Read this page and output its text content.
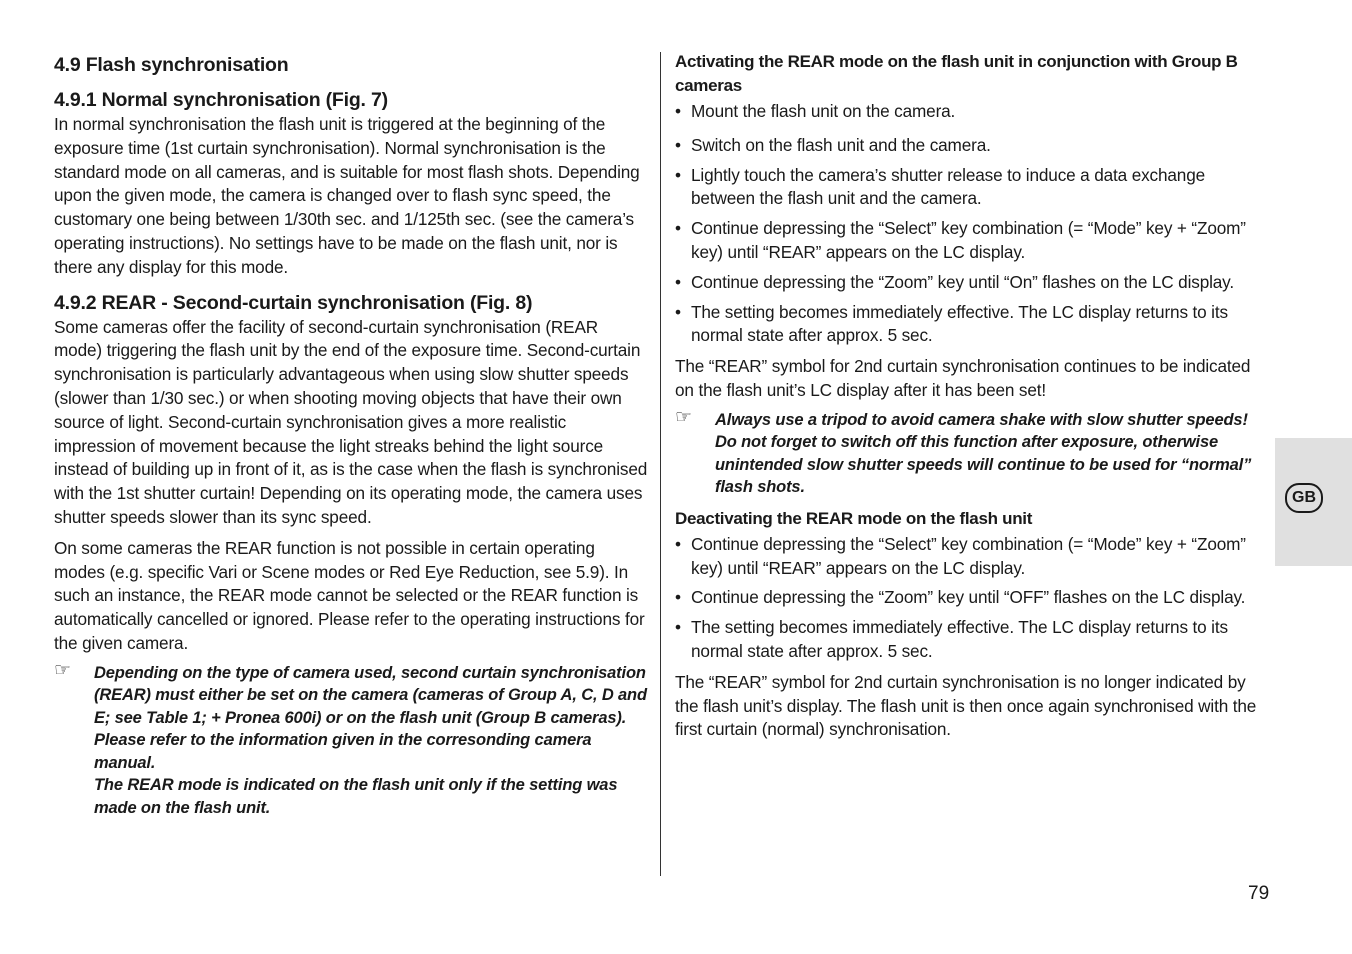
4.9 Flash synchronisation
4.9.1 Normal synchronisation (Fig. 7)

In normal synchronisation the flash unit is triggered at the beginning of the exposure time (1st curtain synchronisation). Normal synchronisation is the standard mode on all cameras, and is suitable for most flash shots. Depending upon the given mode, the camera is changed over to flash sync speed, the customary one being between 1/30th sec. and 1/125th sec. (see the camera’s operating instructions). No settings have to be made on the flash unit, nor is there any display for this mode.

4.9.2 REAR - Second-curtain synchronisation (Fig. 8)

Some cameras offer the facility of second-curtain synchronisation (REAR mode) triggering the flash unit by the end of the exposure time. Second-curtain synchronisation is particularly advantageous when using slow shutter speeds (slower than 1/30 sec.) or when shooting moving objects that have their own source of light. Second-curtain synchronisation gives a more realistic impression of movement because the light streaks behind the light source instead of building up in front of it, as is the case when the flash is synchronised with the 1st shutter curtain! Depending on its operating mode, the camera uses shutter speeds slower than its sync speed.

On some cameras the REAR function is not possible in certain operating modes (e.g. specific Vari or Scene modes or Red Eye Reduction, see 5.9). In such an instance, the REAR mode cannot be selected or the REAR function is automatically cancelled or ignored. Please refer to the operating instructions for the given camera.

☞ Depending on the type of camera used, second curtain synchronisation (REAR) must either be set on the camera (cameras of Group A, C, D and E; see Table 1; + Pronea 600i) or on the flash unit (Group B cameras). Please refer to the information given in the corresonding camera manual.

The REAR mode is indicated on the flash unit only if the setting was made on the flash unit.

Activating the REAR mode on the flash unit in conjunction with Group B cameras
• Mount the flash unit on the camera.
• Switch on the flash unit and the camera.
• Lightly touch the camera’s shutter release to induce a data exchange between the flash unit and the camera.
• Continue depressing the “Select” key combination (= “Mode” key + “Zoom” key) until “REAR” appears on the LC display.
• Continue depressing the “Zoom” key until “On” flashes on the LC display.
• The setting becomes immediately effective. The LC display returns to its normal state after approx. 5 sec.

The “REAR” symbol for 2nd curtain synchronisation continues to be indicated on the flash unit’s LC display after it has been set!

☞ Always use a tripod to avoid camera shake with slow shutter speeds! Do not forget to switch off this function after exposure, otherwise unintended slow shutter speeds will continue to be used for “normal” flash shots.

Deactivating the REAR mode on the flash unit
• Continue depressing the “Select” key combination (= “Mode” key + “Zoom” key) until “REAR” appears on the LC display.
• Continue depressing the “Zoom” key until “OFF” flashes on the LC display.
• The setting becomes immediately effective. The LC display returns to its normal state after approx. 5 sec.

The “REAR” symbol for 2nd curtain synchronisation is no longer indicated by the flash unit’s display. The flash unit is then once again synchronised with the first curtain (normal) synchronisation.

GB
79
